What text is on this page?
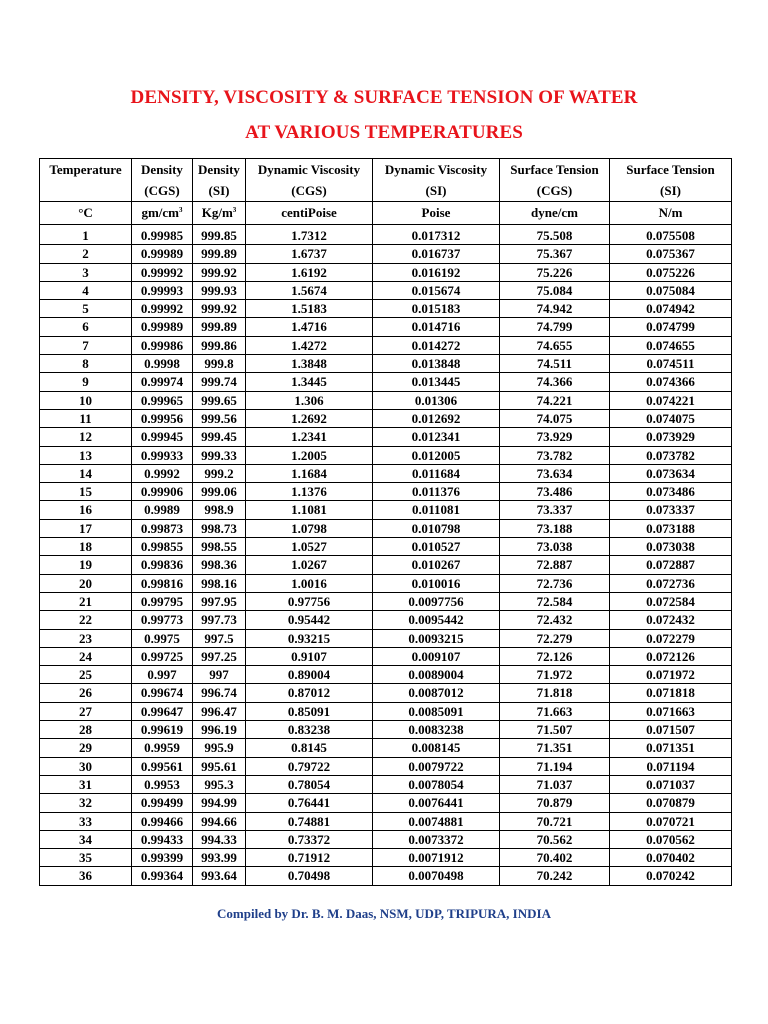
DENSITY, VISCOSITY & SURFACE TENSION OF WATER
AT VARIOUS TEMPERATURES
Temperature	Density	Density	Dynamic Viscosity	Dynamic Viscosity	Surface Tension	Surface Tension
	(CGS)	(SI)	(CGS)	(SI)	(CGS)	(SI)
°C	$gm/cm^3$	$Kg/m^3$	centiPoise	Poise	dyne/cm	N/m
1	0.99985	999.85	1.7312	0.017312	75.508	0.075508
2	0.99989	999.89	1.6737	0.016737	75.367	0.075367
3	0.99992	999.92	1.6192	0.016192	75.226	0.075226
4	0.99993	999.93	1.5674	0.015674	75.084	0.075084
5	0.99992	999.92	1.5183	0.015183	74.942	0.074942
6	0.99989	999.89	1.4716	0.014716	74.799	0.074799
7	0.99986	999.86	1.4272	0.014272	74.655	0.074655
8	0.9998	999.8	1.3848	0.013848	74.511	0.074511
9	0.99974	999.74	1.3445	0.013445	74.366	0.074366
10	0.99965	999.65	1.306	0.01306	74.221	0.074221
11	0.99956	999.56	1.2692	0.012692	74.075	0.074075
12	0.99945	999.45	1.2341	0.012341	73.929	0.073929
13	0.99933	999.33	1.2005	0.012005	73.782	0.073782
14	0.9992	999.2	1.1684	0.011684	73.634	0.073634
15	0.99906	999.06	1.1376	0.011376	73.486	0.073486
16	0.9989	998.9	1.1081	0.011081	73.337	0.073337
17	0.99873	998.73	1.0798	0.010798	73.188	0.073188
18	0.99855	998.55	1.0527	0.010527	73.038	0.073038
19	0.99836	998.36	1.0267	0.010267	72.887	0.072887
20	0.99816	998.16	1.0016	0.010016	72.736	0.072736
21	0.99795	997.95	0.97756	0.0097756	72.584	0.072584
22	0.99773	997.73	0.95442	0.0095442	72.432	0.072432
23	0.9975	997.5	0.93215	0.0093215	72.279	0.072279
24	0.99725	997.25	0.9107	0.009107	72.126	0.072126
25	0.997	997	0.89004	0.0089004	71.972	0.071972
26	0.99674	996.74	0.87012	0.0087012	71.818	0.071818
27	0.99647	996.47	0.85091	0.0085091	71.663	0.071663
28	0.99619	996.19	0.83238	0.0083238	71.507	0.071507
29	0.9959	995.9	0.8145	0.008145	71.351	0.071351
30	0.99561	995.61	0.79722	0.0079722	71.194	0.071194
31	0.9953	995.3	0.78054	0.0078054	71.037	0.071037
32	0.99499	994.99	0.76441	0.0076441	70.879	0.070879
33	0.99466	994.66	0.74881	0.0074881	70.721	0.070721
34	0.99433	994.33	0.73372	0.0073372	70.562	0.070562
35	0.99399	993.99	0.71912	0.0071912	70.402	0.070402
36	0.99364	993.64	0.70498	0.0070498	70.242	0.070242
Compiled by Dr. B. M. Daas, NSM, UDP, TRIPURA, INDIA
